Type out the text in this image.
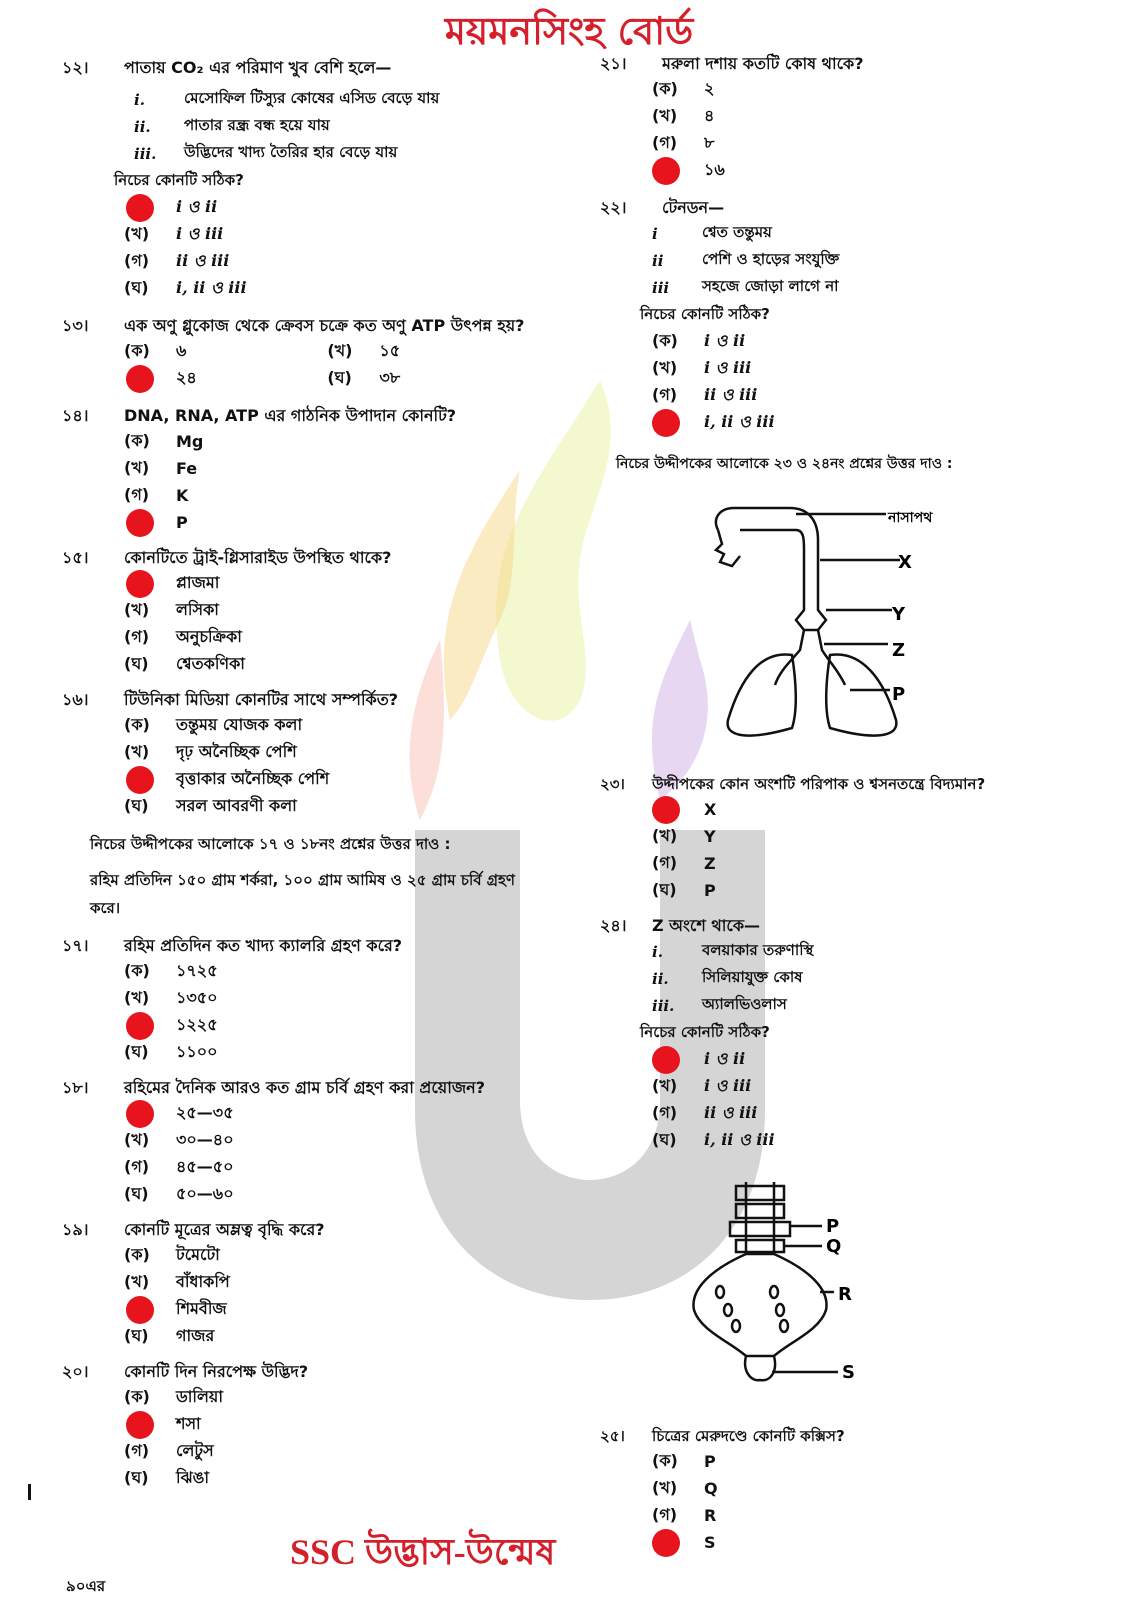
ময়মনসিংহ বোর্ড
১২।	পাতায় CO₂ এর পরিমাণ খুব বেশি হলে—
i.	মেসোফিল টিস্যুর কোষের এসিড বেড়ে যায়
ii.	পাতার রন্ধ্র বন্ধ হয়ে যায়
iii.	উদ্ভিদের খাদ্য তৈরির হার বেড়ে যায়
নিচের কোনটি সঠিক?
i ও ii
(খ)	i ও iii
(গ)	ii ও iii
(ঘ)	i, ii ও iii
১৩।	এক অণু গ্লুকোজ থেকে ক্রেবস চক্রে কত অণু ATP উৎপন্ন হয়?
(ক)	৬	(খ)	১৫
২৪	(ঘ)	৩৮
১৪।	DNA, RNA, ATP এর গাঠনিক উপাদান কোনটি?
(ক)	Mg
(খ)	Fe
(গ)	K
P
১৫।	কোনটিতে ট্রাই-গ্লিসারাইড উপস্থিত থাকে?
প্লাজমা
(খ)	লসিকা
(গ)	অনুচক্রিকা
(ঘ)	শ্বেতকণিকা
১৬।	টিউনিকা মিডিয়া কোনটির সাথে সম্পর্কিত?
(ক)	তন্তুময় যোজক কলা
(খ)	দৃঢ় অনৈচ্ছিক পেশি
বৃত্তাকার অনৈচ্ছিক পেশি
(ঘ)	সরল আবরণী কলা
নিচের উদ্দীপকের আলোকে ১৭ ও ১৮নং প্রশ্নের উত্তর দাও :
রহিম প্রতিদিন ১৫০ গ্রাম শর্করা, ১০০ গ্রাম আমিষ ও ২৫ গ্রাম চর্বি গ্রহণ করে।
১৭।	রহিম প্রতিদিন কত খাদ্য ক্যালরি গ্রহণ করে?
(ক)	১৭২৫
(খ)	১৩৫০
১২২৫
(ঘ)	১১০০
১৮।	রহিমের দৈনিক আরও কত গ্রাম চর্বি গ্রহণ করা প্রয়োজন?
২৫—৩৫
(খ)	৩০—৪০
(গ)	৪৫—৫০
(ঘ)	৫০—৬০
১৯।	কোনটি মূত্রের অম্লত্ব বৃদ্ধি করে?
(ক)	টমেটো
(খ)	বাঁধাকপি
শিমবীজ
(ঘ)	গাজর
২০।	কোনটি দিন নিরপেক্ষ উদ্ভিদ?
(ক)	ডালিয়া
শসা
(গ)	লেটুস
(ঘ)	ঝিঙা
২১।	মরুলা দশায় কতটি কোষ থাকে?
(ক)	২
(খ)	৪
(গ)	৮
১৬
২২।	টেনডন—
i	শ্বেত তন্তুময়
ii	পেশি ও হাড়ের সংযুক্তি
iii	সহজে জোড়া লাগে না
নিচের কোনটি সঠিক?
(ক)	i ও ii
(খ)	i ও iii
(গ)	ii ও iii
i, ii ও iii
নিচের উদ্দীপকের আলোকে ২৩ ও ২৪নং প্রশ্নের উত্তর দাও :
নাসাপথ
X
Y
Z
P
২৩।	উদ্দীপকের কোন অংশটি পরিপাক ও শ্বসনতন্ত্রে বিদ্যমান?
X
(খ)	Y
(গ)	Z
(ঘ)	P
২৪।	Z অংশে থাকে—
i.	বলয়াকার তরুণাস্থি
ii.	সিলিয়াযুক্ত কোষ
iii.	অ্যালভিওলাস
নিচের কোনটি সঠিক?
i ও ii
(খ)	i ও iii
(গ)	ii ও iii
(ঘ)	i, ii ও iii
P
Q
R
S
২৫।	চিত্রের মেরুদণ্ডে কোনটি কক্সিস?
(ক)	P
(খ)	Q
(গ)	R
S
SSC উদ্ভাস-উন্মেষ
৯০এর
